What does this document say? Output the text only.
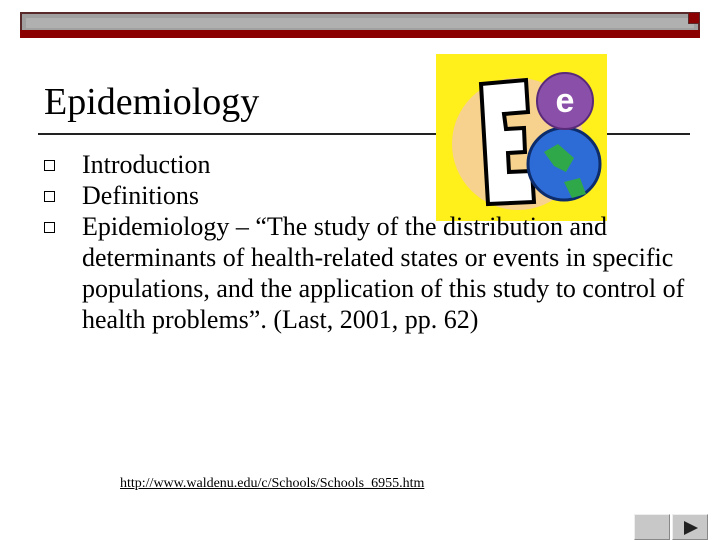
Epidemiology	e
Introduction
Definitions
Epidemiology – “The study of the distribution and determinants of health-related states or events in specific populations, and the application of this study to control of health problems”. (Last, 2001, pp. 62)
http://www.waldenu.edu/c/Schools/Schools_6955.htm
